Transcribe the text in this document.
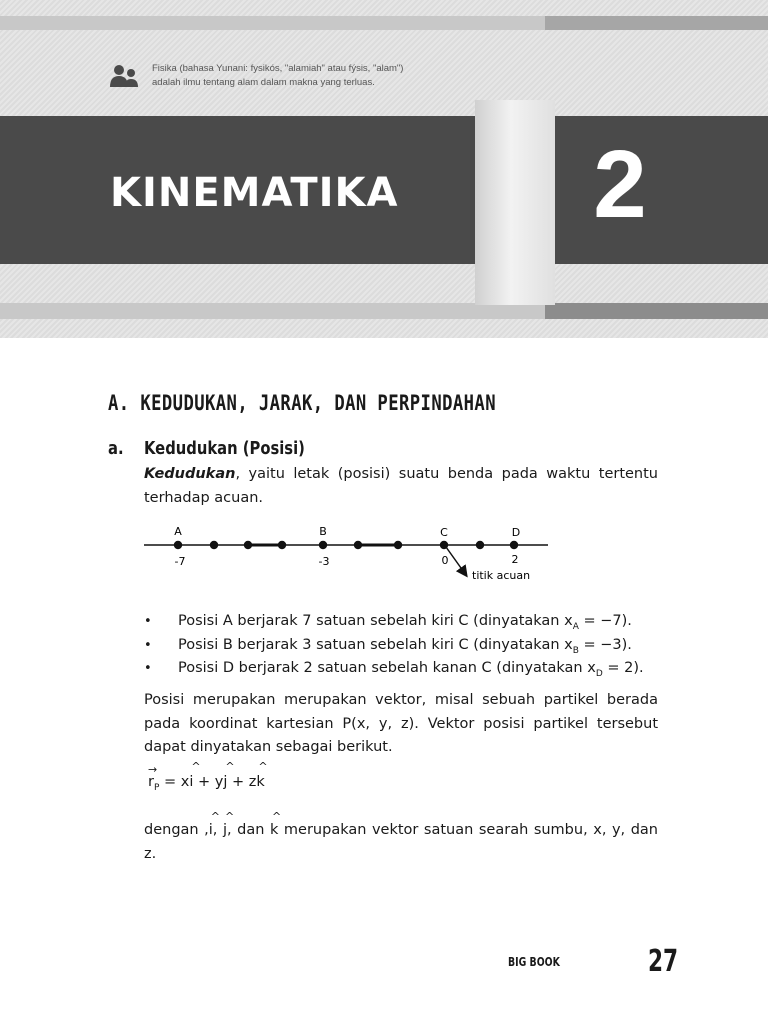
Fisika (bahasa Yunani: fysikós, "alamiah" atau fýsis, "alam")
adalah ilmu tentang alam dalam makna yang terluas.
KINEMATIKA	2
A. KEDUDUKAN, JARAK, DAN PERPINDAHAN
a. Kedudukan (Posisi)
Kedudukan, yaitu letak (posisi) suatu benda pada waktu tertentu terhadap acuan.
A	B	C	D
-7	-3	0	2
titik acuan
• Posisi A berjarak 7 satuan sebelah kiri C (dinyatakan $x_A = -7$).
• Posisi B berjarak 3 satuan sebelah kiri C (dinyatakan $x_B = -3$).
• Posisi D berjarak 2 satuan sebelah kanan C (dinyatakan $x_D = 2$).
Posisi merupakan merupakan vektor, misal sebuah partikel berada pada koordinat kartesian P(x, y, z). Vektor posisi partikel tersebut dapat dinyatakan sebagai berikut.
→ $r_P$ = x^ i + y^ j + z^ k
dengan ,^ i, ^ j, dan ^ k merupakan vektor satuan searah sumbu, x, y, dan z.
BIG BOOK	27
